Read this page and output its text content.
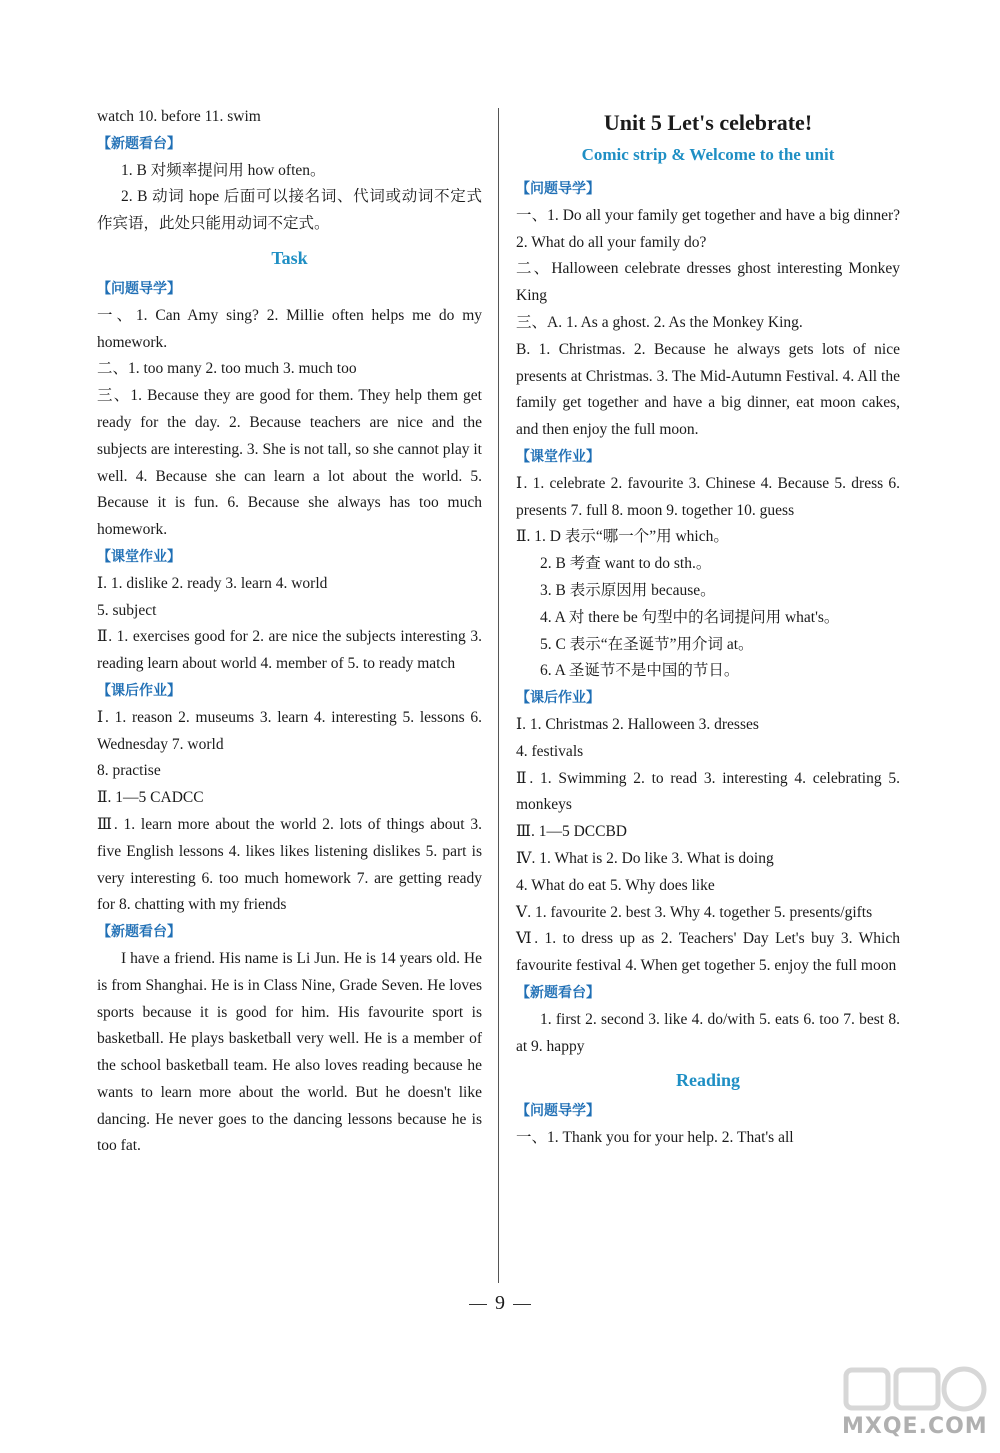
watch 10. before 11. swim

【新题看台】

1. B 对频率提问用 how often。

2. B 动词 hope 后面可以接名词、代词或动词不定式作宾语，此处只能用动词不定式。

Task

【问题导学】

一、1. Can Amy sing? 2. Millie often helps me do my homework.

二、1. too many 2. too much 3. much too

三、1. Because they are good for them. They help them get ready for the day. 2. Because teachers are nice and the subjects are interesting. 3. She is not tall, so she cannot play it well. 4. Because she can learn a lot about the world. 5. Because it is fun. 6. Because she always has too much homework.

【课堂作业】

Ⅰ. 1. dislike 2. ready 3. learn 4. world

5. subject

Ⅱ. 1. exercises good for 2. are nice the subjects interesting 3. reading learn about world 4. member of 5. to ready match

【课后作业】

Ⅰ. 1. reason 2. museums 3. learn 4. interesting 5. lessons 6. Wednesday 7. world

8. practise

Ⅱ. 1—5 CADCC

Ⅲ. 1. learn more about the world 2. lots of things about 3. five English lessons 4. likes likes listening dislikes 5. part is very interesting 6. too much homework 7. are getting ready for 8. chatting with my friends

【新题看台】

I have a friend. His name is Li Jun. He is 14 years old. He is from Shanghai. He is in Class Nine, Grade Seven. He loves sports because it is good for him. His favourite sport is basketball. He plays basketball very well. He is a member of the school basketball team. He also loves reading because he wants to learn more about the world. But he doesn't like dancing. He never goes to the dancing lessons because he is too fat.

Unit 5 Let's celebrate!

Comic strip & Welcome to the unit

【问题导学】

一、1. Do all your family get together and have a big dinner? 2. What do all your family do?

二、Halloween celebrate dresses ghost interesting Monkey King

三、A. 1. As a ghost. 2. As the Monkey King.

B. 1. Christmas. 2. Because he always gets lots of nice presents at Christmas. 3. The Mid-Autumn Festival. 4. All the family get together and have a big dinner, eat moon cakes, and then enjoy the full moon.

【课堂作业】

Ⅰ. 1. celebrate 2. favourite 3. Chinese 4. Because 5. dress 6. presents 7. full 8. moon 9. together 10. guess

Ⅱ. 1. D 表示“哪一个”用 which。

2. B 考查 want to do sth.。

3. B 表示原因用 because。

4. A 对 there be 句型中的名词提问用 what's。

5. C 表示“在圣诞节”用介词 at。

6. A 圣诞节不是中国的节日。

【课后作业】

Ⅰ. 1. Christmas 2. Halloween 3. dresses

4. festivals

Ⅱ. 1. Swimming 2. to read 3. interesting 4. celebrating 5. monkeys

Ⅲ. 1—5 DCCBD

Ⅳ. 1. What is 2. Do like 3. What is doing

4. What do eat 5. Why does like

Ⅴ. 1. favourite 2. best 3. Why 4. together 5. presents/gifts

Ⅵ. 1. to dress up as 2. Teachers' Day Let's buy 3. Which favourite festival 4. When get together 5. enjoy the full moon

【新题看台】

1. first 2. second 3. like 4. do/with 5. eats 6. too 7. best 8. at 9. happy

Reading

【问题导学】

一、1. Thank you for your help. 2. That's all

9
MXQE.COM
